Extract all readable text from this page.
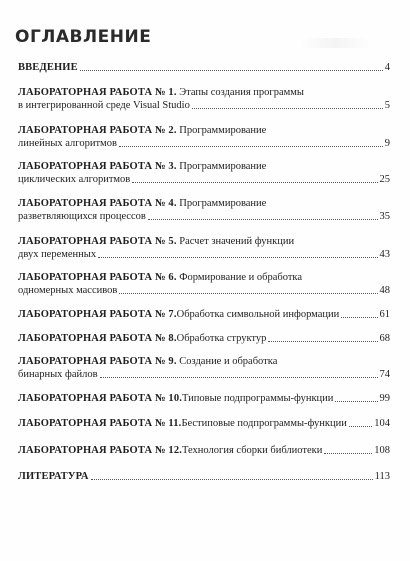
ОГЛАВЛЕНИЕ
ВВЕДЕНИЕ	4
ЛАБОРАТОРНАЯ РАБОТА № 1. Этапы создания программы
в интегрированной среде Visual Studio	5
ЛАБОРАТОРНАЯ РАБОТА № 2. Программирование
линейных алгоритмов	9
ЛАБОРАТОРНАЯ РАБОТА № 3. Программирование
циклических алгоритмов	25
ЛАБОРАТОРНАЯ РАБОТА № 4. Программирование
разветвляющихся процессов	35
ЛАБОРАТОРНАЯ РАБОТА № 5. Расчет значений функции
двух переменных	43
ЛАБОРАТОРНАЯ РАБОТА № 6. Формирование и обработка
одномерных массивов	48
ЛАБОРАТОРНАЯ РАБОТА № 7. Обработка символьной информации	61
ЛАБОРАТОРНАЯ РАБОТА № 8. Обработка структур	68
ЛАБОРАТОРНАЯ РАБОТА № 9. Создание и обработка
бинарных файлов	74
ЛАБОРАТОРНАЯ РАБОТА № 10. Типовые подпрограммы-функции	99
ЛАБОРАТОРНАЯ РАБОТА № 11. Бестиповые подпрограммы-функции	104
ЛАБОРАТОРНАЯ РАБОТА № 12. Технология сборки библиотеки	108
ЛИТЕРАТУРА	113
